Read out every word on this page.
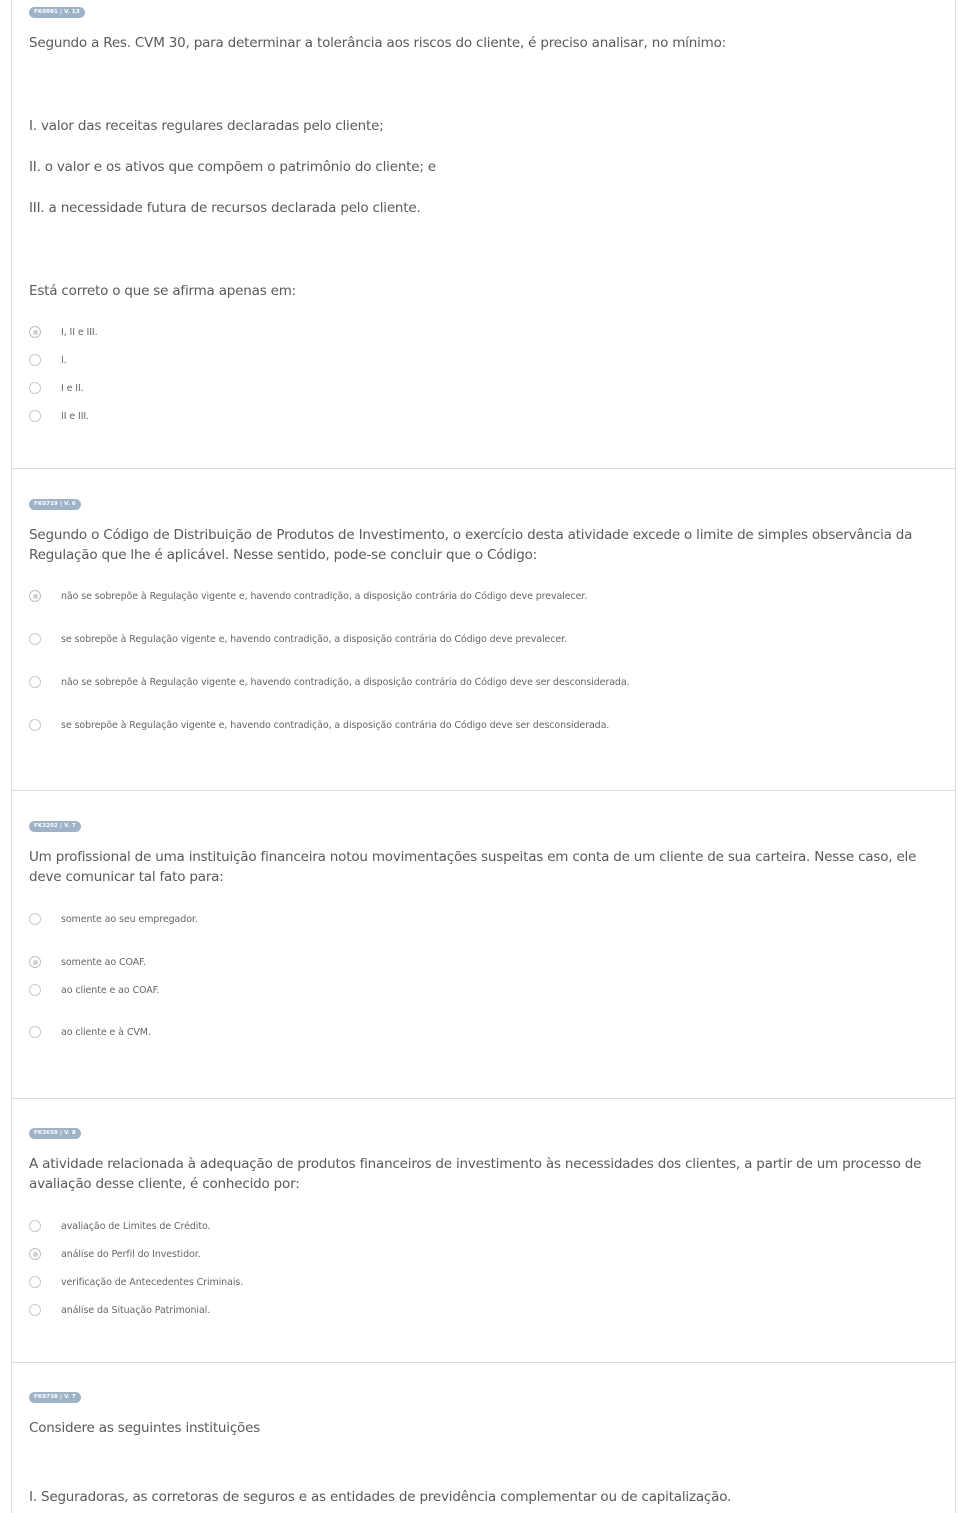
FK0081 | V. 13
Segundo a Res. CVM 30, para determinar a tolerância aos riscos do cliente, é preciso analisar, no mínimo:
I. valor das receitas regulares declaradas pelo cliente;
II. o valor e os ativos que compõem o patrimônio do cliente; e
III. a necessidade futura de recursos declarada pelo cliente.
Está correto o que se afirma apenas em:
I, II e III.
I.
I e II.
II e III.
FK0719 | V. 6
Segundo o Código de Distribuição de Produtos de Investimento, o exercício desta atividade excede o limite de simples observância da Regulação que lhe é aplicável. Nesse sentido, pode-se concluir que o Código:
não se sobrepõe à Regulação vigente e, havendo contradição, a disposição contrária do Código deve prevalecer.
se sobrepõe à Regulação vigente e, havendo contradição, a disposição contrária do Código deve prevalecer.
não se sobrepõe à Regulação vigente e, havendo contradição, a disposição contrária do Código deve ser desconsiderada.
se sobrepõe à Regulação vigente e, havendo contradição, a disposição contrária do Código deve ser desconsiderada.
FK3202 | V. 7
Um profissional de uma instituição financeira notou movimentações suspeitas em conta de um cliente de sua carteira. Nesse caso, ele deve comunicar tal fato para:
somente ao seu empregador.
somente ao COAF.
ao cliente e ao COAF.
ao cliente e à CVM.
FK3658 | V. 8
A atividade relacionada à adequação de produtos financeiros de investimento às necessidades dos clientes, a partir de um processo de avaliação desse cliente, é conhecido por:
avaliação de Limites de Crédito.
análise do Perfil do Investidor.
verificação de Antecedentes Criminais.
análise da Situação Patrimonial.
FK0738 | V. 7
Considere as seguintes instituições
I. Seguradoras, as corretoras de seguros e as entidades de previdência complementar ou de capitalização.
